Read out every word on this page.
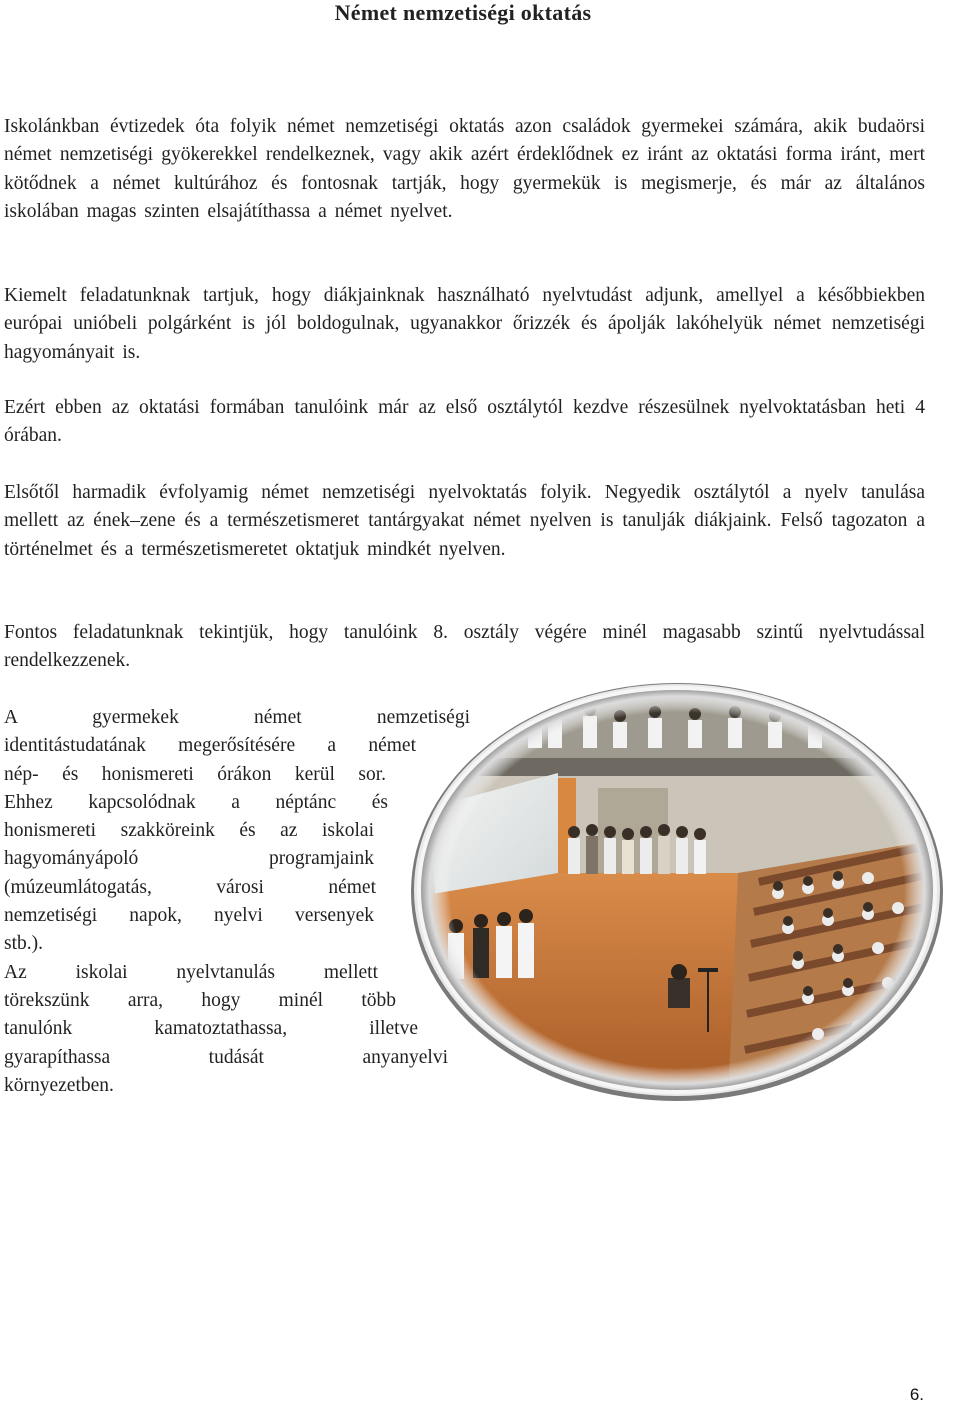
Német nemzetiségi oktatás

Iskolánkban évtizedek óta folyik német nemzetiségi oktatás azon családok gyermekei számára, akik budaörsi német nemzetiségi gyökerekkel rendelkeznek, vagy akik azért érdeklődnek ez iránt az oktatási forma iránt, mert kötődnek a német kultúrához és fontosnak tartják, hogy gyermekük is megismerje, és már az általános iskolában magas szinten elsajátíthassa a német nyelvet.

Kiemelt feladatunknak tartjuk, hogy diákjainknak használható nyelvtudást adjunk, amellyel a későbbiekben európai unióbeli polgárként is jól boldogulnak, ugyanakkor őrizzék és ápolják lakóhelyük német nemzetiségi hagyományait is.

Ezért ebben az oktatási formában tanulóink már az első osztálytól kezdve részesülnek nyelvoktatásban heti 4 órában.

Elsőtől harmadik évfolyamig német nemzetiségi nyelvoktatás folyik. Negyedik osztálytól a nyelv tanulása mellett az ének–zene és a természetismeret tantárgyakat német nyelven is tanulják diákjaink. Felső tagozaton a történelmet és a természetismeretet oktatjuk mindkét nyelven.

Fontos feladatunknak tekintjük, hogy tanulóink 8. osztály végére minél magasabb szintű nyelvtudással rendelkezzenek.

A gyermekek német nemzetiségi
identitástudatának megerősítésére a német
nép- és honismereti órákon kerül sor.
Ehhez kapcsolódnak a néptánc és
honismereti szakköreink és az iskolai
hagyományápoló programjaink
(múzeumlátogatás, városi német
nemzetiségi napok, nyelvi versenyek
stb.).
Az iskolai nyelvtanulás mellett
törekszünk arra, hogy minél több
tanulónk kamatoztathassa, illetve
gyarapíthassa tudását anyanyelvi
környezetben.
6.
